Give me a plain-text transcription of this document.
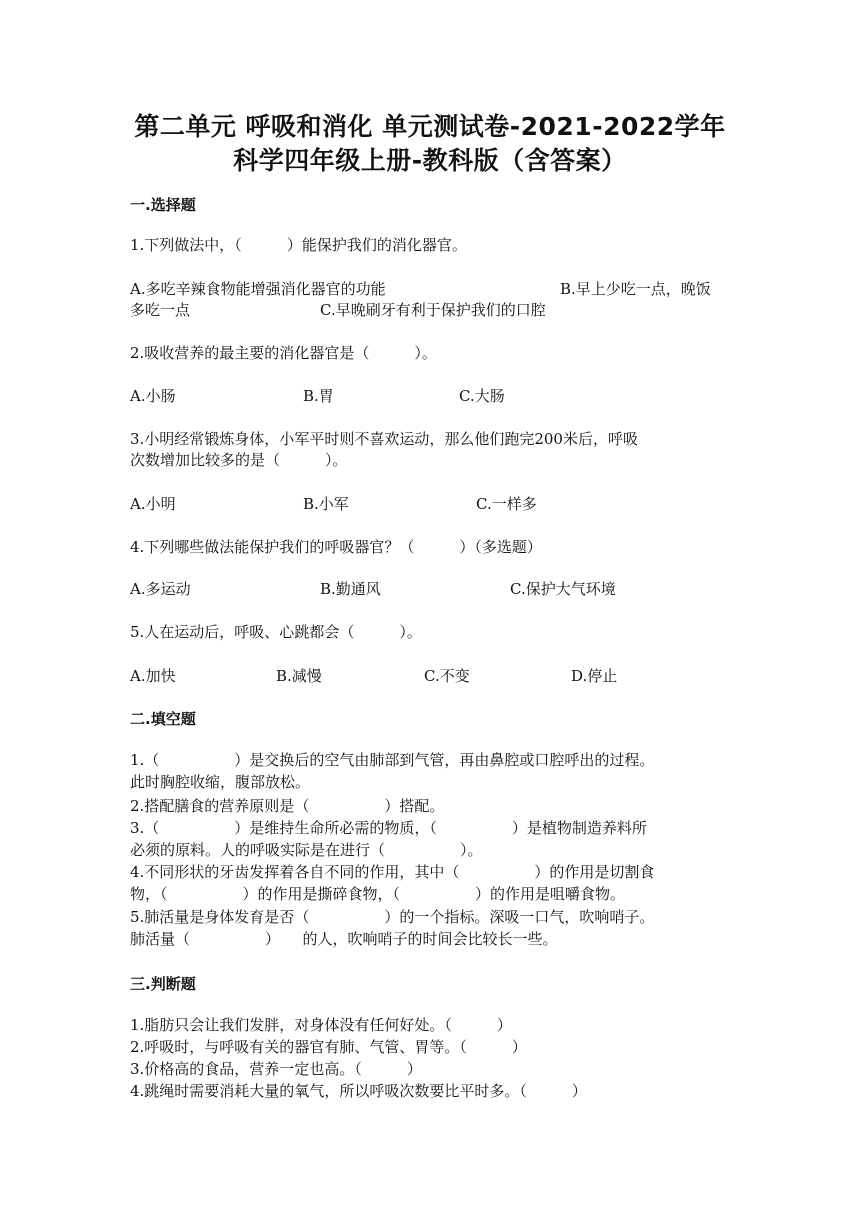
第二单元 呼吸和消化 单元测试卷-2021-2022学年
科学四年级上册-教科版（含答案）
一.选择题
1.下列做法中，（　　　）能保护我们的消化器官。
A.多吃辛辣食物能增强消化器官的功能	B.早上少吃一点，晚饭
多吃一点	C.早晚刷牙有利于保护我们的口腔
2.吸收营养的最主要的消化器官是（　　　）。
A.小肠	B.胃	C.大肠
3.小明经常锻炼身体，小军平时则不喜欢运动，那么他们跑完200米后，呼吸
次数增加比较多的是（　　　）。
A.小明	B.小军	C.一样多
4.下列哪些做法能保护我们的呼吸器官？（　　　）（多选题）
A.多运动	B.勤通风	C.保护大气环境
5.人在运动后，呼吸、心跳都会（　　　）。
A.加快	B.减慢	C.不变	D.停止
二.填空题
1.（　　　　　）是交换后的空气由肺部到气管，再由鼻腔或口腔呼出的过程。
此时胸腔收缩，腹部放松。
2.搭配膳食的营养原则是（　　　　　）搭配。
3.（　　　　　）是维持生命所必需的物质，（　　　　　）是植物制造养料所
必须的原料。人的呼吸实际是在进行（　　　　　）。
4.不同形状的牙齿发挥着各自不同的作用，其中（　　　　　）的作用是切割食
物，（　　　　　）的作用是撕碎食物，（　　　　　）的作用是咀嚼食物。
5.肺活量是身体发育是否（　　　　　）的一个指标。深吸一口气，吹响哨子。
肺活量（　　　　　）　　的人，吹响哨子的时间会比较长一些。
三.判断题
1.脂肪只会让我们发胖，对身体没有任何好处。（　　　）
2.呼吸时，与呼吸有关的器官有肺、气管、胃等。（　　　）
3.价格高的食品，营养一定也高。（　　　）
4.跳绳时需要消耗大量的氧气，所以呼吸次数要比平时多。（　　　）
